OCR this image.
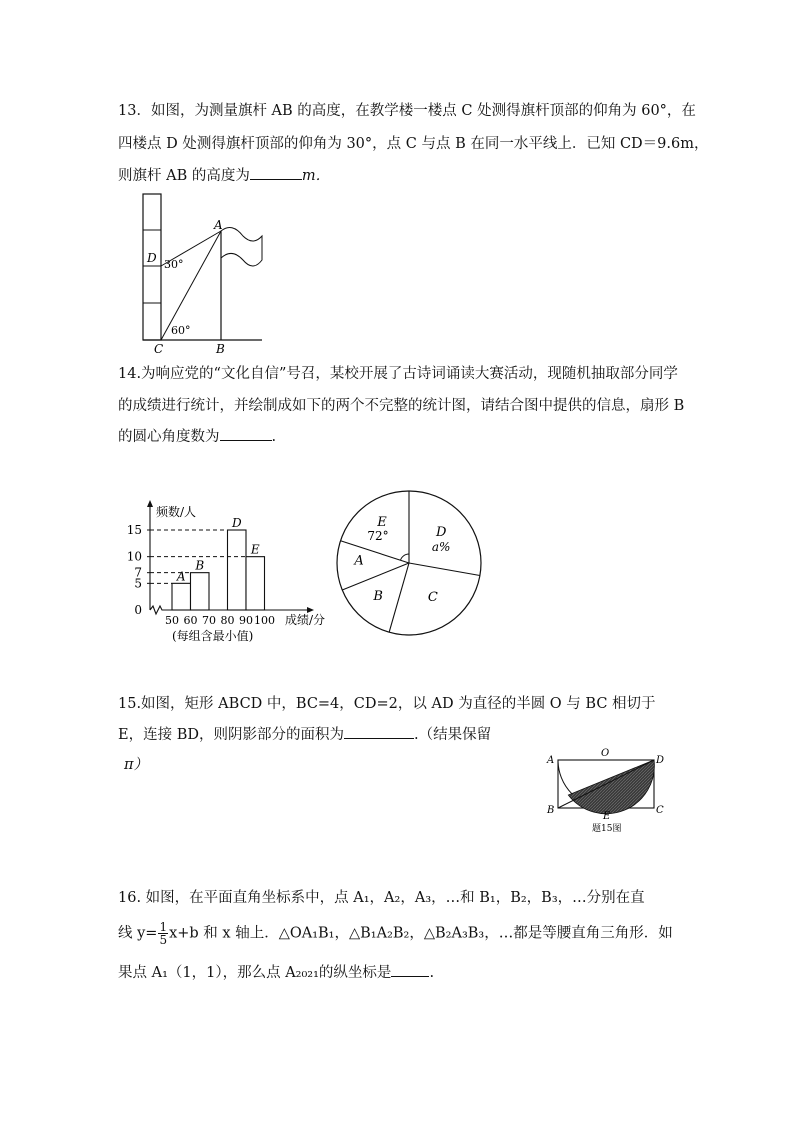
13．如图，为测量旗杆 AB 的高度，在教学楼一楼点 C 处测得旗杆顶部的仰角为 60°，在
四楼点 D 处测得旗杆顶部的仰角为 30°，点 C 与点 B 在同一水平线上．已知 CD＝9.6m，
则旗杆 AB 的高度为	m．
A
B
C
D 30°
60°
14.为响应党的“文化自信”号召，某校开展了古诗词诵读大赛活动，现随机抽取部分同学
的成绩进行统计，并绘制成如下的两个不完整的统计图，请结合图中提供的信息，扇形 B
的圆心角度数为	.
0
5
7
10
15
50 60 70 80 90 100
A
B
D
E
频数/人
成绩/分
(每组含最小值)
A
E
72°	D
a%
C
B
15.如图，矩形 ABCD 中，BC=4，CD=2，以 AD 为直径的半圆 O 与 BC 相切于
E，连接 BD，则阴影部分的面积为	.（结果保留
π）	A
B	C
D
O
E
题15图
16. 如图，在平面直角坐标系中，点 A₁，A₂，A₃，…和 B₁，B₂，B₃，…分别在直
线 $y= \frac{1}{5} x+b$ 和 x 轴上．△OA₁B₁，△B₁A₂B₂，△B₂A₃B₃，…都是等腰直角三角形．如
果点 A₁（1，1），那么点 A₂₀₂₁的纵坐标是	.
